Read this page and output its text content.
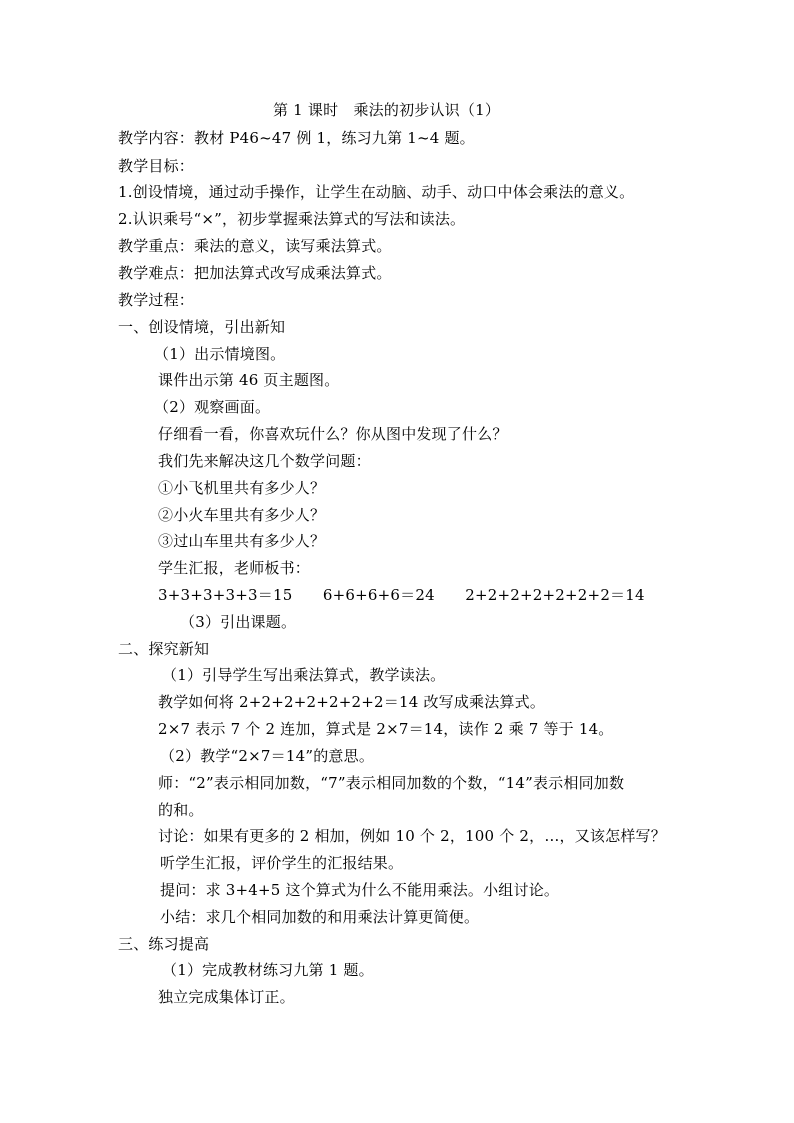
第 1 课时　乘法的初步认识（1）
教学内容：教材 P46~47 例 1，练习九第 1~4 题。
教学目标：
1.创设情境，通过动手操作，让学生在动脑、动手、动口中体会乘法的意义。
2.认识乘号“×”，初步掌握乘法算式的写法和读法。
教学重点：乘法的意义，读写乘法算式。
教学难点：把加法算式改写成乘法算式。
教学过程：
一、创设情境，引出新知
（1）出示情境图。
课件出示第 46 页主题图。
（2）观察画面。
仔细看一看，你喜欢玩什么？你从图中发现了什么？
我们先来解决这几个数学问题：
①小飞机里共有多少人？
②小火车里共有多少人？
③过山车里共有多少人？
学生汇报，老师板书：
3+3+3+3+3＝15　　6+6+6+6＝24　　2+2+2+2+2+2+2＝14
（3）引出课题。
二、探究新知
（1）引导学生写出乘法算式，教学读法。
教学如何将 2+2+2+2+2+2+2＝14 改写成乘法算式。
2×7 表示 7 个 2 连加，算式是 2×7＝14，读作 2 乘 7 等于 14。
（2）教学“2×7＝14”的意思。
师：“2”表示相同加数，“7”表示相同加数的个数，“14”表示相同加数
的和。
讨论：如果有更多的 2 相加，例如 10 个 2，100 个 2，…，又该怎样写？
听学生汇报，评价学生的汇报结果。
提问：求 3+4+5 这个算式为什么不能用乘法。小组讨论。
小结：求几个相同加数的和用乘法计算更简便。
三、练习提高
（1）完成教材练习九第 1 题。
独立完成集体订正。
